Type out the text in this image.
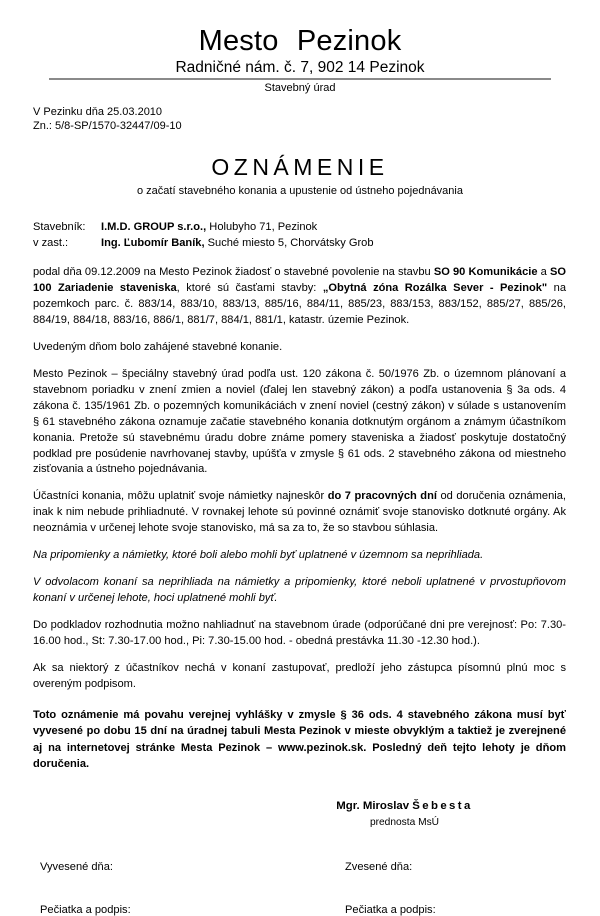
Mesto Pezinok
Radničné nám. č. 7, 902 14 Pezinok
Stavebný úrad
V Pezinku dňa 25.03.2010
Zn.: 5/8-SP/1570-32447/09-10
OZNÁMENIE
o začatí stavebného konania a upustenie od ústneho pojednávania
Stavebník:	I.M.D. GROUP s.r.o., Holubyho 71, Pezinok
v zast.:	Ing. Ľubomír Baník, Suché miesto 5, Chorvátsky Grob

podal dňa 09.12.2009 na Mesto Pezinok žiadosť o stavebné povolenie na stavbu SO 90 Komunikácie a SO 100 Zariadenie staveniska, ktoré sú časťami stavby: „Obytná zóna Rozálka Sever - Pezinok" na pozemkoch parc. č. 883/14, 883/10, 883/13, 885/16, 884/11, 885/23, 883/153, 883/152, 885/27, 885/26, 884/19, 884/18, 883/16, 886/1, 881/7, 884/1, 881/1, katastr. územie Pezinok.

Uvedeným dňom bolo zahájené stavebné konanie.

Mesto Pezinok – špeciálny stavebný úrad podľa ust. 120 zákona č. 50/1976 Zb. o územnom plánovaní a stavebnom poriadku v znení zmien a noviel (ďalej len stavebný zákon) a podľa ustanovenia § 3a ods. 4 zákona č. 135/1961 Zb. o pozemných komunikáciách v znení noviel (cestný zákon) v súlade s ustanovením § 61 stavebného zákona oznamuje začatie stavebného konania dotknutým orgánom a známym účastníkom konania. Pretože sú stavebnému úradu dobre známe pomery staveniska a žiadosť poskytuje dostatočný podklad pre posúdenie navrhovanej stavby, upúšťa v zmysle § 61 ods. 2 stavebného zákona od miestneho zisťovania a ústneho pojednávania.

Účastníci konania, môžu uplatniť svoje námietky najneskôr do 7 pracovných dní od doručenia oznámenia, inak k nim nebude prihliadnuté. V rovnakej lehote sú povinné oznámiť svoje stanovisko dotknuté orgány. Ak neoznámia v určenej lehote svoje stanovisko, má sa za to, že so stavbou súhlasia.

Na pripomienky a námietky, ktoré boli alebo mohli byť uplatnené v územnom sa neprihliada.

V odvolacom konaní sa neprihliada na námietky a pripomienky, ktoré neboli uplatnené v prvostupňovom konaní v určenej lehote, hoci uplatnené mohli byť.

Do podkladov rozhodnutia možno nahliadnuť na stavebnom úrade (odporúčané dni pre verejnosť: Po: 7.30-16.00 hod., St: 7.30-17.00 hod., Pi: 7.30-15.00 hod. - obedná prestávka 11.30 -12.30 hod.).

Ak sa niektorý z účastníkov nechá v konaní zastupovať, predloží jeho zástupca písomnú plnú moc s overeným podpisom.

Toto oznámenie má povahu verejnej vyhlášky v zmysle § 36 ods. 4 stavebného zákona musí byť vyvesené po dobu 15 dní na úradnej tabuli Mesta Pezinok v mieste obvyklým a taktiež je zverejnené aj na internetovej stránke Mesta Pezinok – www.pezinok.sk. Posledný deň tejto lehoty je dňom doručenia.

Mgr. Miroslav Šebesta
prednosta MsÚ
Vyvesené dňa:	Zvesené dňa:
Pečiatka a podpis:	Pečiatka a podpis:
